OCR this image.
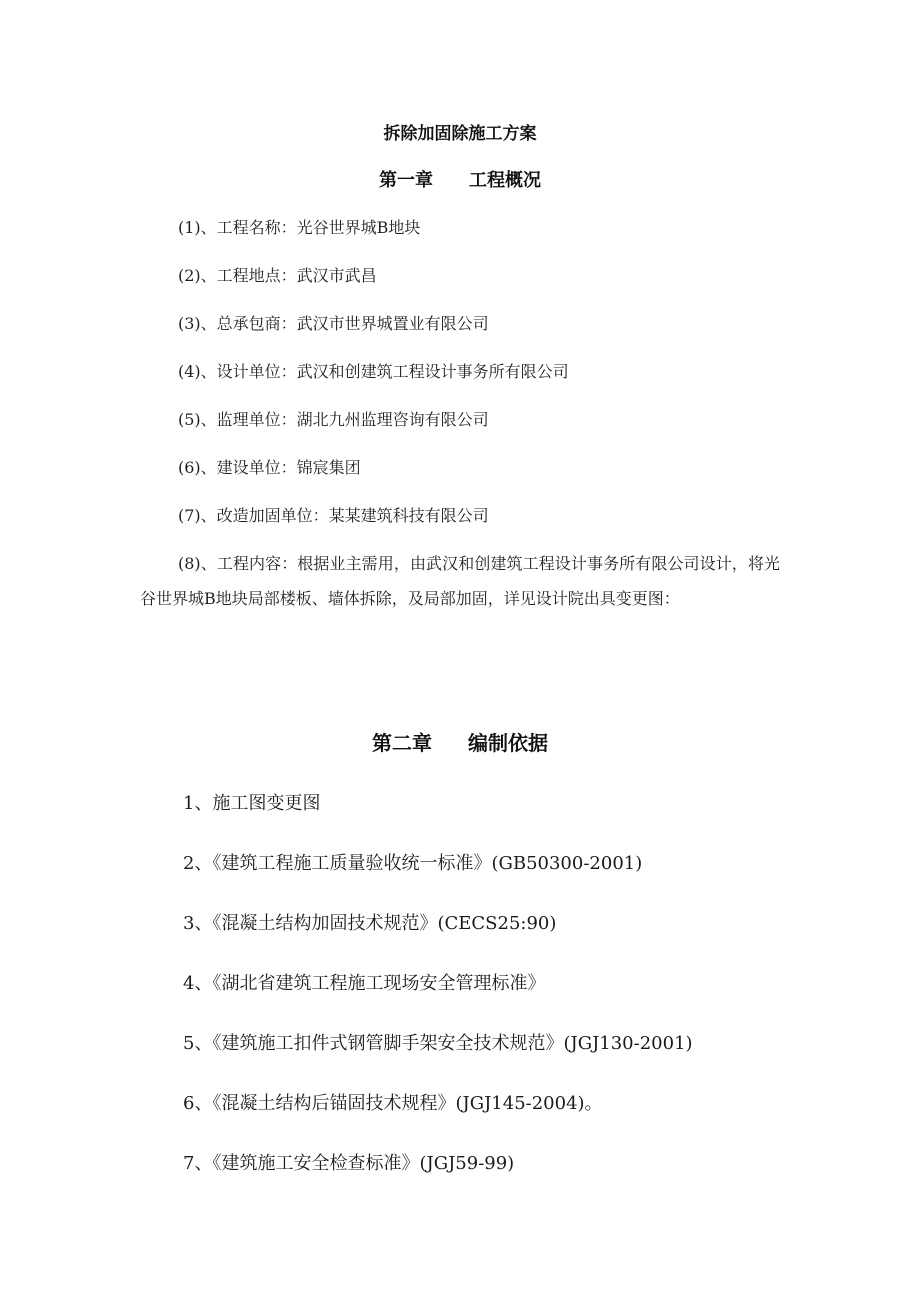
拆除加固除施工方案
第一章 工程概况
(1)、工程名称：光谷世界城B地块
(2)、工程地点：武汉市武昌
(3)、总承包商：武汉市世界城置业有限公司
(4)、设计单位：武汉和创建筑工程设计事务所有限公司
(5)、监理单位：湖北九州监理咨询有限公司
(6)、建设单位：锦宸集团
(7)、改造加固单位：某某建筑科技有限公司
(8)、工程内容：根据业主需用，由武汉和创建筑工程设计事务所有限公司设计，将光谷世界城B地块局部楼板、墙体拆除，及局部加固，详见设计院出具变更图：
第二章 编制依据
1、施工图变更图
2、《建筑工程施工质量验收统一标准》(GB50300-2001)
3、《混凝土结构加固技术规范》(CECS25:90)
4、《湖北省建筑工程施工现场安全管理标准》
5、《建筑施工扣件式钢管脚手架安全技术规范》(JGJ130-2001)
6、《混凝土结构后锚固技术规程》(JGJ145-2004)。
7、《建筑施工安全检查标准》(JGJ59-99)
